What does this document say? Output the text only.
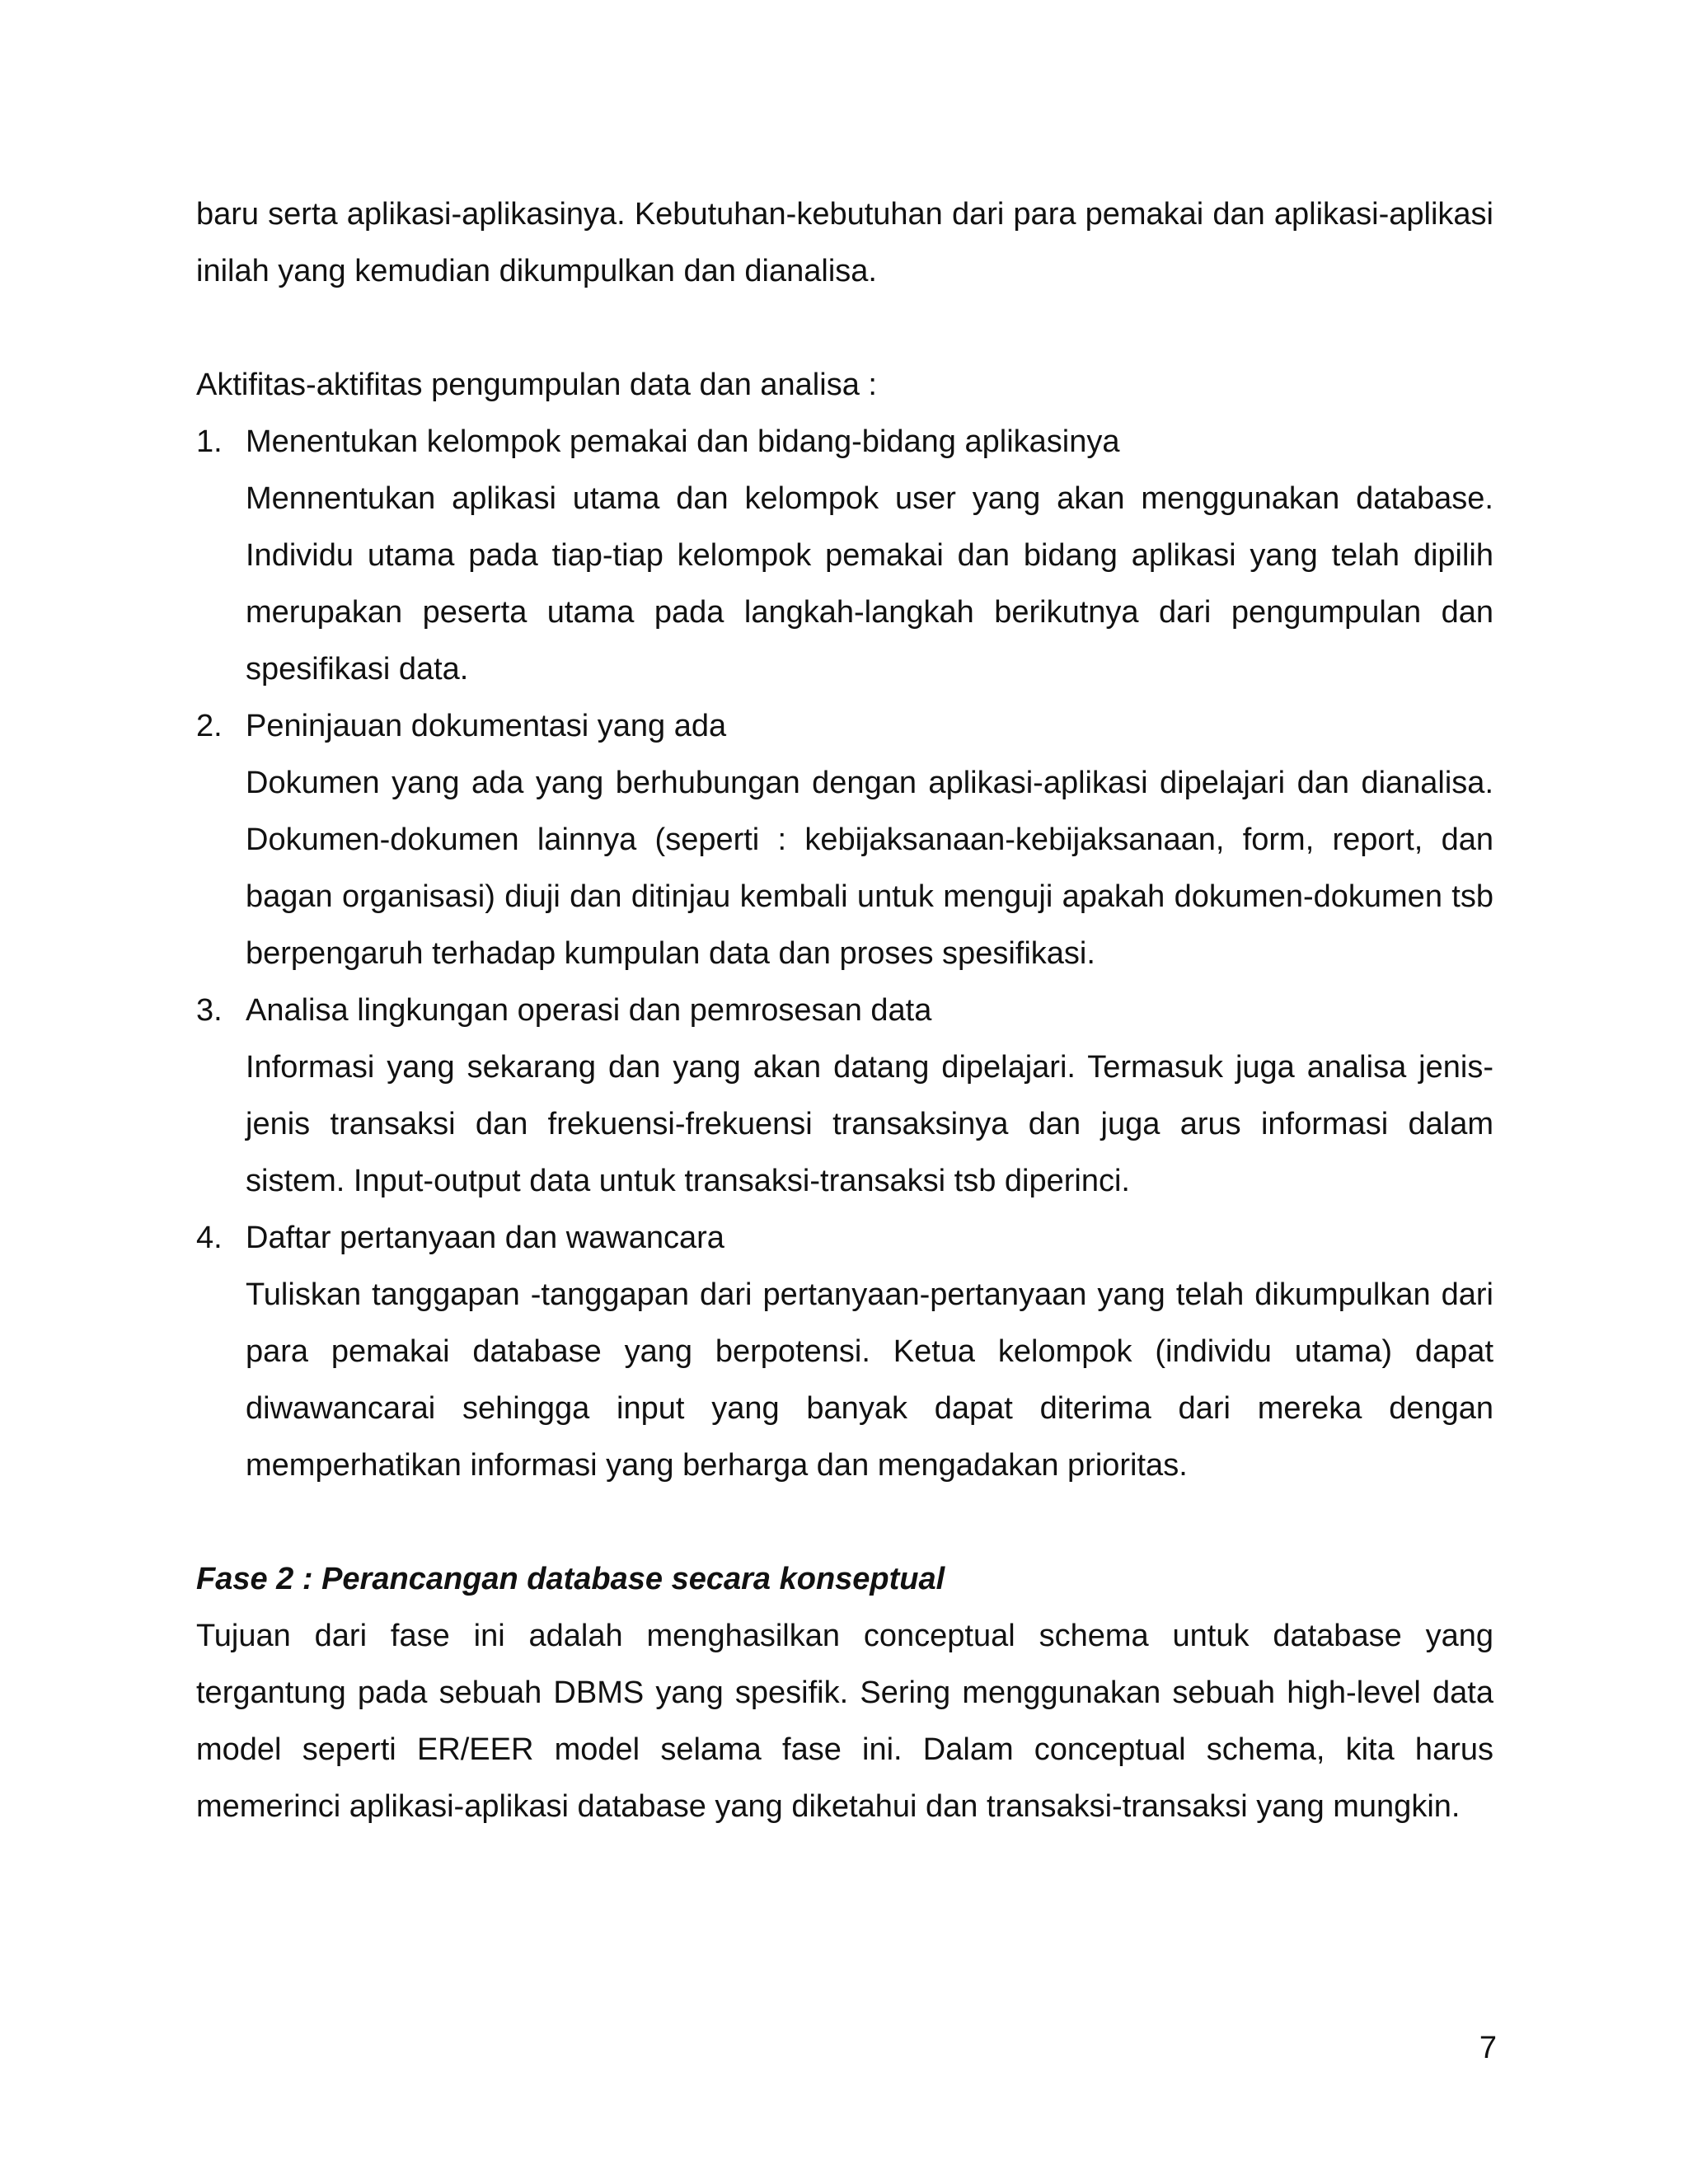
baru serta aplikasi-aplikasinya. Kebutuhan-kebutuhan dari para pemakai dan aplikasi-aplikasi inilah yang kemudian dikumpulkan dan dianalisa.

Aktifitas-aktifitas pengumpulan data dan analisa :

1. Menentukan kelompok pemakai dan bidang-bidang aplikasinya
Mennentukan aplikasi utama dan kelompok user yang akan menggunakan database. Individu utama pada tiap-tiap kelompok pemakai dan bidang aplikasi yang telah dipilih merupakan peserta utama pada langkah-langkah berikutnya dari pengumpulan dan spesifikasi data.
2. Peninjauan dokumentasi yang ada
Dokumen yang ada yang berhubungan dengan aplikasi-aplikasi dipelajari dan dianalisa. Dokumen-dokumen lainnya (seperti : kebijaksanaan-kebijaksanaan, form, report, dan bagan organisasi) diuji dan ditinjau kembali untuk menguji apakah dokumen-dokumen tsb berpengaruh terhadap kumpulan data dan proses spesifikasi.
3. Analisa lingkungan operasi dan pemrosesan data
Informasi yang sekarang dan yang akan datang dipelajari. Termasuk juga analisa jenis-jenis transaksi dan frekuensi-frekuensi transaksinya dan juga arus informasi dalam sistem. Input-output data untuk transaksi-transaksi tsb diperinci.
4. Daftar pertanyaan dan wawancara
Tuliskan tanggapan -tanggapan dari pertanyaan-pertanyaan yang telah dikumpulkan dari para pemakai database yang berpotensi. Ketua kelompok (individu utama) dapat diwawancarai sehingga input yang banyak dapat diterima dari mereka dengan memperhatikan informasi yang berharga dan mengadakan prioritas.

Fase 2 : Perancangan database secara konseptual

Tujuan dari fase ini adalah menghasilkan conceptual schema untuk database yang tergantung pada sebuah DBMS yang spesifik. Sering menggunakan sebuah high-level data model seperti ER/EER model selama fase ini. Dalam conceptual schema, kita harus memerinci aplikasi-aplikasi database yang diketahui dan transaksi-transaksi yang mungkin.

7
